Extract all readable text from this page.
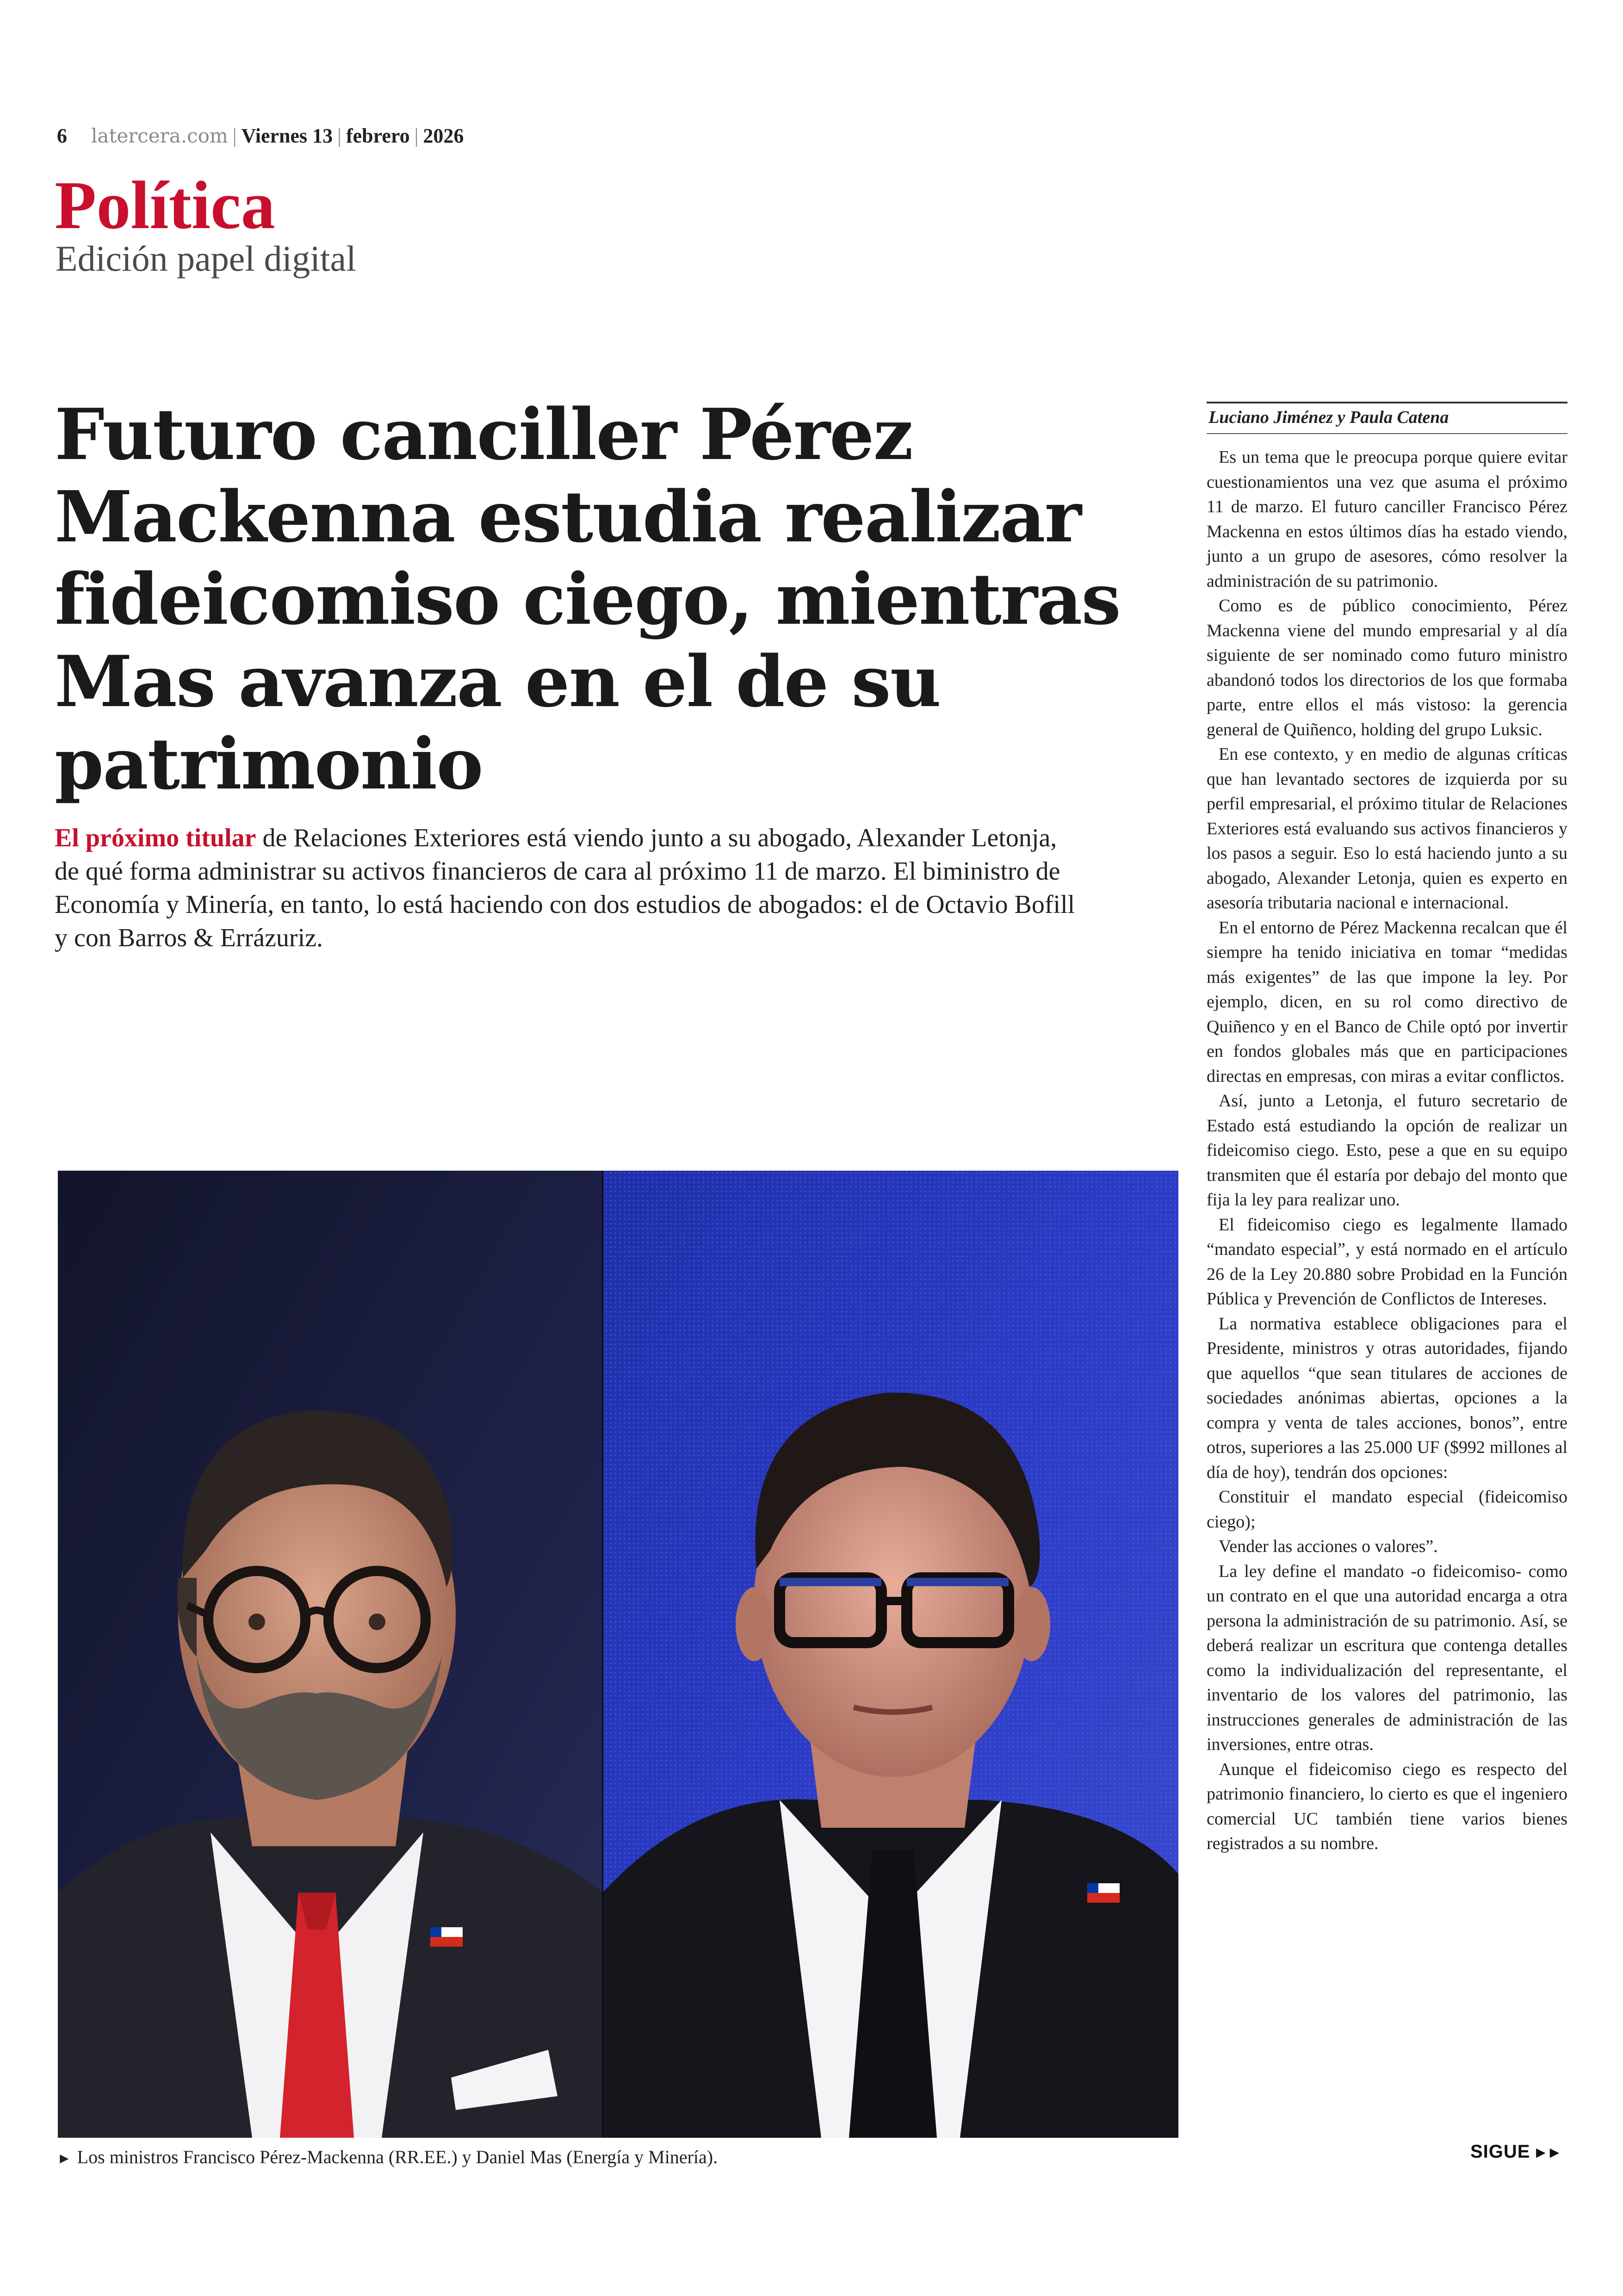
6 latercera.com | Viernes 13 | febrero | 2026
Política
Edición papel digital
Futuro canciller Pérez Mackenna estudia realizar fideicomiso ciego, mientras Mas avanza en el de su patrimonio

El próximo titular de Relaciones Exteriores está viendo junto a su abogado, Alexander Letonja, de qué forma administrar su activos financieros de cara al próximo 11 de marzo. El biministro de Economía y Minería, en tanto, lo está haciendo con dos estudios de abogados: el de Octavio Bofill y con Barros & Errázuriz.

► Los ministros Francisco Pérez-Mackenna (RR.EE.) y Daniel Mas (Energía y Minería).
Luciano Jiménez y Paula Catena

Es un tema que le preocupa porque quiere evitar cuestionamientos una vez que asuma el próximo 11 de marzo. El futuro canciller Francisco Pérez Mackenna en estos últimos días ha estado viendo, junto a un grupo de asesores, cómo resolver la administración de su patrimonio.

Como es de público conocimiento, Pérez Mackenna viene del mundo empresarial y al día siguiente de ser nominado como futuro ministro abandonó todos los directorios de los que formaba parte, entre ellos el más vistoso: la gerencia general de Quiñenco, holding del grupo Luksic.

En ese contexto, y en medio de algunas críticas que han levantado sectores de izquierda por su perfil empresarial, el próximo titular de Relaciones Exteriores está evaluando sus activos financieros y los pasos a seguir. Eso lo está haciendo junto a su abogado, Alexander Letonja, quien es experto en asesoría tributaria nacional e internacional.

En el entorno de Pérez Mackenna recalcan que él siempre ha tenido iniciativa en tomar “medidas más exigentes” de las que impone la ley. Por ejemplo, dicen, en su rol como directivo de Quiñenco y en el Banco de Chile optó por invertir en fondos globales más que en participaciones directas en empresas, con miras a evitar conflictos.

Así, junto a Letonja, el futuro secretario de Estado está estudiando la opción de realizar un fideicomiso ciego. Esto, pese a que en su equipo transmiten que él estaría por debajo del monto que fija la ley para realizar uno.

El fideicomiso ciego es legalmente llamado “mandato especial”, y está normado en el artículo 26 de la Ley 20.880 sobre Probidad en la Función Pública y Prevención de Conflictos de Intereses.

La normativa establece obligaciones para el Presidente, ministros y otras autoridades, fijando que aquellos “que sean titulares de acciones de sociedades anónimas abiertas, opciones a la compra y venta de tales acciones, bonos”, entre otros, superiores a las 25.000 UF ($992 millones al día de hoy), tendrán dos opciones:

Constituir el mandato especial (fideicomiso ciego);

Vender las acciones o valores”.

La ley define el mandato -o fideicomiso- como un contrato en el que una autoridad encarga a otra persona la administración de su patrimonio. Así, se deberá realizar un escritura que contenga detalles como la individualización del representante, el inventario de los valores del patrimonio, las instrucciones generales de administración de las inversiones, entre otras.

Aunque el fideicomiso ciego es respecto del patrimonio financiero, lo cierto es que el ingeniero comercial UC también tiene varios bienes registrados a su nombre.

SIGUE ►►
